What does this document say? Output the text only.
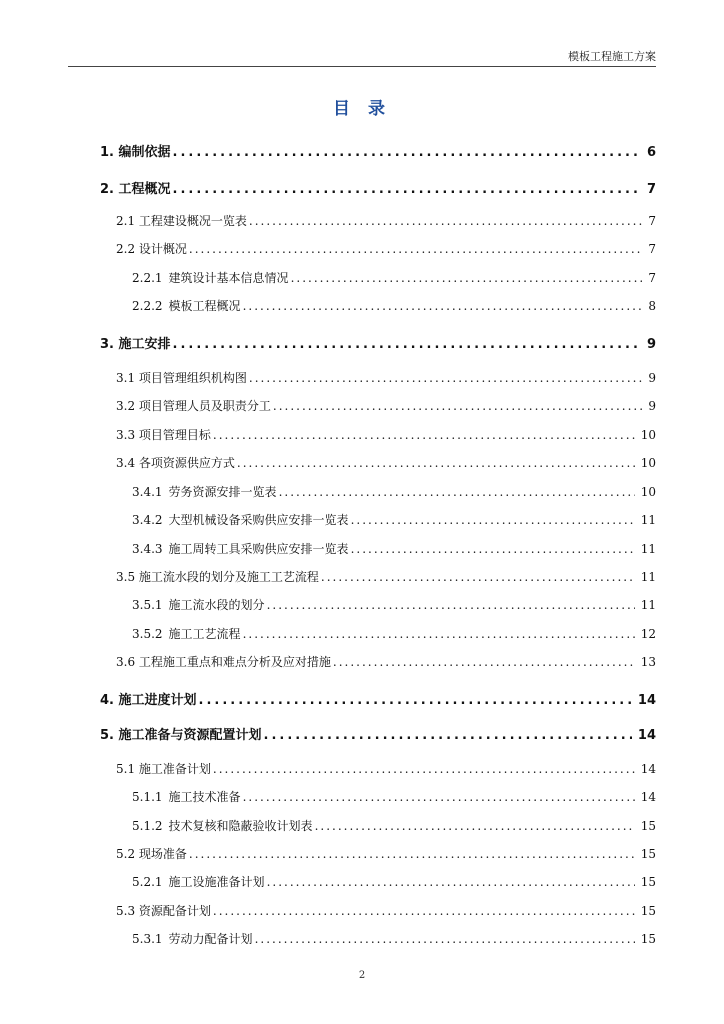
模板工程施工方案
目 录
1. 编制依据 .....	6
2. 工程概况 .....	7
2.1 工程建设概况一览表 .....	7
2.2 设计概况 .....	7
2.2.1 建筑设计基本信息情况 .....	7
2.2.2 模板工程概况 .....	8
3. 施工安排 .....	9
3.1 项目管理组织机构图 .....	9
3.2 项目管理人员及职责分工 .....	9
3.3 项目管理目标 .....	10
3.4 各项资源供应方式 .....	10
3.4.1 劳务资源安排一览表 .....	10
3.4.2 大型机械设备采购供应安排一览表 .....	11
3.4.3 施工周转工具采购供应安排一览表 .....	11
3.5 施工流水段的划分及施工工艺流程 .....	11
3.5.1 施工流水段的划分 .....	11
3.5.2 施工工艺流程 .....	12
3.6 工程施工重点和难点分析及应对措施 .....	13
4. 施工进度计划 .....	14
5. 施工准备与资源配置计划 .....	14
5.1 施工准备计划 .....	14
5.1.1 施工技术准备 .....	14
5.1.2 技术复核和隐蔽验收计划表 .....	15
5.2 现场准备 .....	15
5.2.1 施工设施准备计划 .....	15
5.3 资源配备计划 .....	15
5.3.1 劳动力配备计划 .....	15
2
